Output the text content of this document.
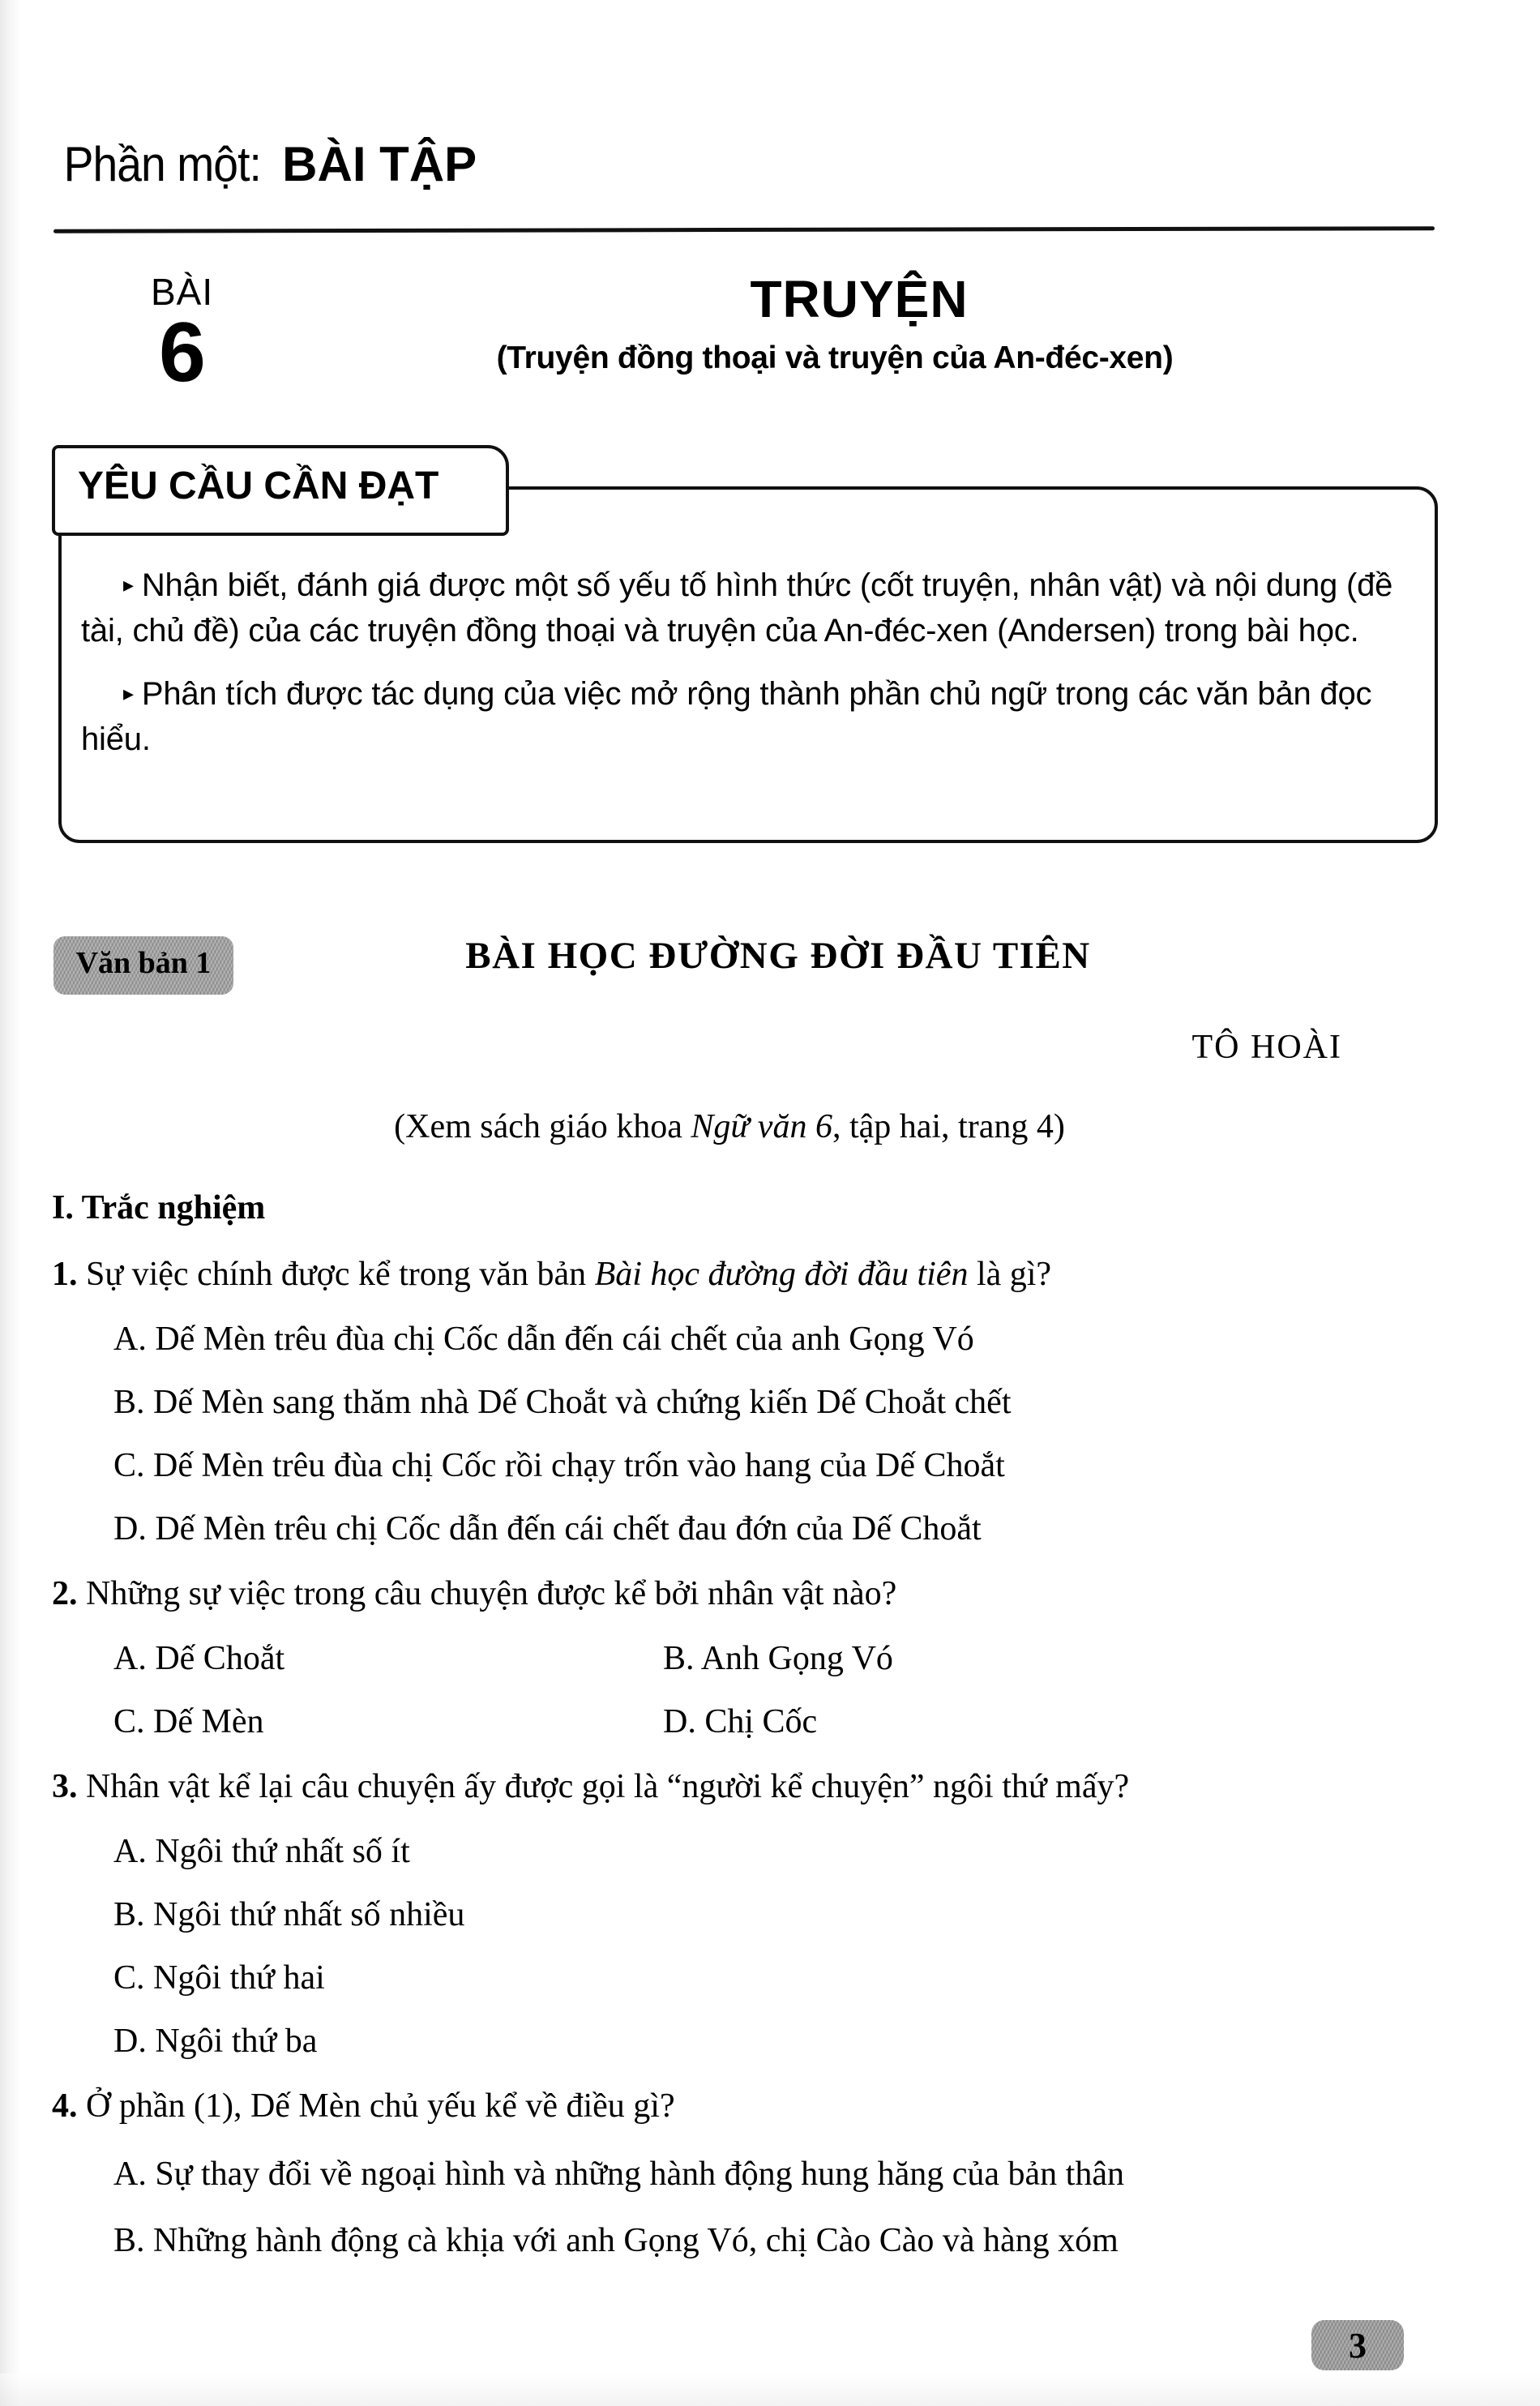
Phần một: BÀI TẬP
BÀI
6
TRUYỆN
(Truyện đồng thoại và truyện của An-đéc-xen)
YÊU CẦU CẦN ĐẠT
▸ Nhận biết, đánh giá được một số yếu tố hình thức (cốt truyện, nhân vật) và nội dung (đề tài, chủ đề) của các truyện đồng thoại và truyện của An-đéc-xen (Andersen) trong bài học.
▸ Phân tích được tác dụng của việc mở rộng thành phần chủ ngữ trong các văn bản đọc hiểu.
Văn bản 1	BÀI HỌC ĐƯỜNG ĐỜI ĐẦU TIÊN
TÔ HOÀI
(Xem sách giáo khoa Ngữ văn 6, tập hai, trang 4)
I. Trắc nghiệm
1. Sự việc chính được kể trong văn bản Bài học đường đời đầu tiên là gì?
A. Dế Mèn trêu đùa chị Cốc dẫn đến cái chết của anh Gọng Vó
B. Dế Mèn sang thăm nhà Dế Choắt và chứng kiến Dế Choắt chết
C. Dế Mèn trêu đùa chị Cốc rồi chạy trốn vào hang của Dế Choắt
D. Dế Mèn trêu chị Cốc dẫn đến cái chết đau đớn của Dế Choắt
2. Những sự việc trong câu chuyện được kể bởi nhân vật nào?
A. Dế Choắt	B. Anh Gọng Vó
C. Dế Mèn	D. Chị Cốc
3. Nhân vật kể lại câu chuyện ấy được gọi là “người kể chuyện” ngôi thứ mấy?
A. Ngôi thứ nhất số ít
B. Ngôi thứ nhất số nhiều
C. Ngôi thứ hai
D. Ngôi thứ ba
4. Ở phần (1), Dế Mèn chủ yếu kể về điều gì?
A. Sự thay đổi về ngoại hình và những hành động hung hăng của bản thân
B. Những hành động cà khịa với anh Gọng Vó, chị Cào Cào và hàng xóm
3
